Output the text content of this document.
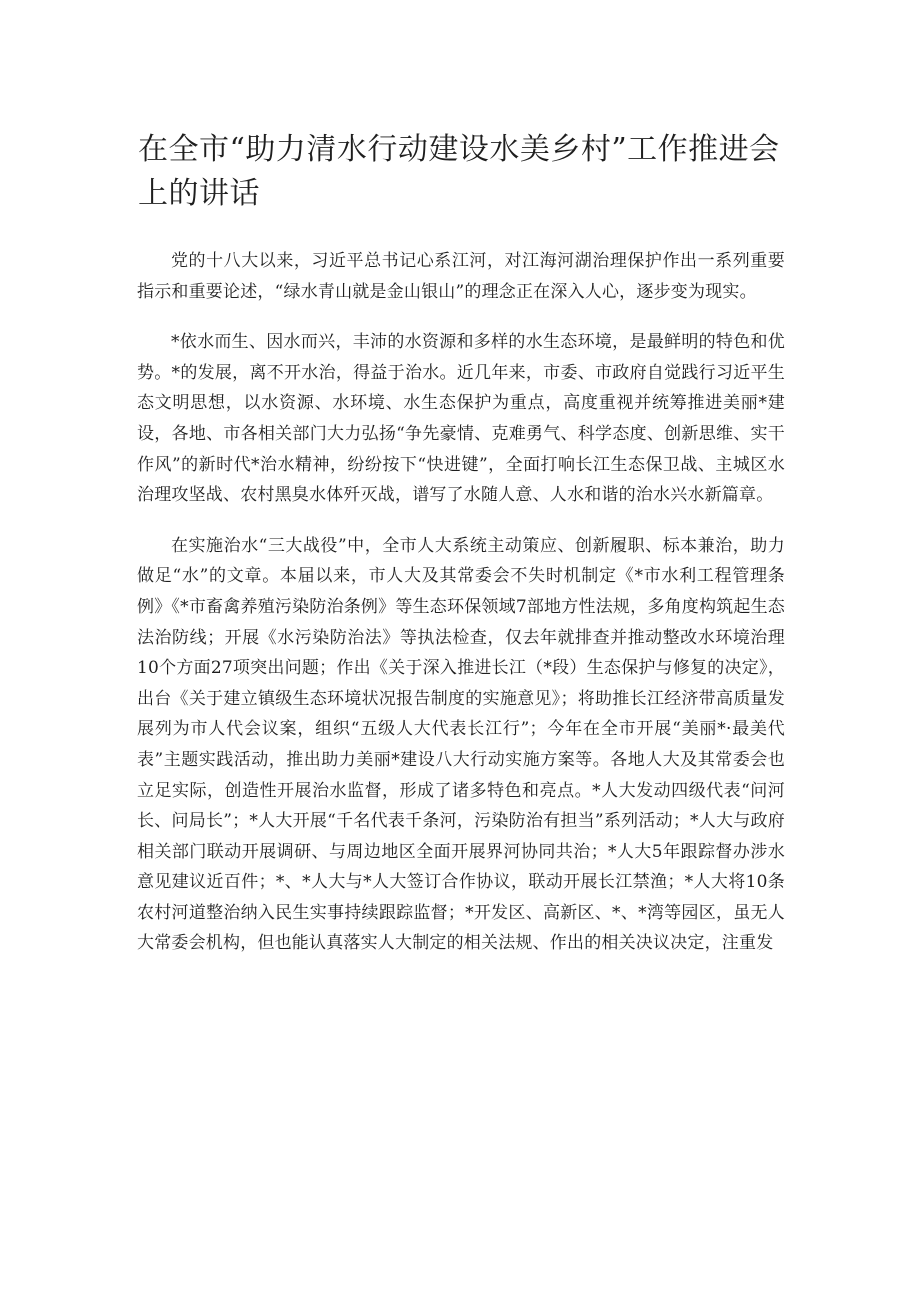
在全市“助力清水行动建设水美乡村”工作推进会上的讲话

党的十八大以来，习近平总书记心系江河，对江海河湖治理保护作出一系列重要指示和重要论述，“绿水青山就是金山银山”的理念正在深入人心，逐步变为现实。

*依水而生、因水而兴，丰沛的水资源和多样的水生态环境，是最鲜明的特色和优势。*的发展，离不开水治，得益于治水。近几年来，市委、市政府自觉践行习近平生态文明思想，以水资源、水环境、水生态保护为重点，高度重视并统筹推进美丽*建设，各地、市各相关部门大力弘扬“争先豪情、克难勇气、科学态度、创新思维、实干作风”的新时代*治水精神，纷纷按下“快进键”，全面打响长江生态保卫战、主城区水治理攻坚战、农村黑臭水体歼灭战，谱写了水随人意、人水和谐的治水兴水新篇章。

在实施治水“三大战役”中，全市人大系统主动策应、创新履职、标本兼治，助力做足“水”的文章。本届以来，市人大及其常委会不失时机制定《*市水利工程管理条例》《*市畜禽养殖污染防治条例》等生态环保领域7部地方性法规，多角度构筑起生态法治防线；开展《水污染防治法》等执法检查，仅去年就排查并推动整改水环境治理10个方面27项突出问题；作出《关于深入推进长江（*段）生态保护与修复的决定》，出台《关于建立镇级生态环境状况报告制度的实施意见》；将助推长江经济带高质量发展列为市人代会议案，组织“五级人大代表长江行”；今年在全市开展“美丽*·最美代表”主题实践活动，推出助力美丽*建设八大行动实施方案等。各地人大及其常委会也立足实际，创造性开展治水监督，形成了诸多特色和亮点。*人大发动四级代表“问河长、问局长”；*人大开展“千名代表千条河，污染防治有担当”系列活动；*人大与政府相关部门联动开展调研、与周边地区全面开展界河协同共治；*人大5年跟踪督办涉水意见建议近百件；*、*人大与*人大签订合作协议，联动开展长江禁渔；*人大将10条农村河道整治纳入民生实事持续跟踪监督；*开发区、高新区、*、*湾等园区，虽无人大常委会机构，但也能认真落实人大制定的相关法规、作出的相关决议决定，注重发
